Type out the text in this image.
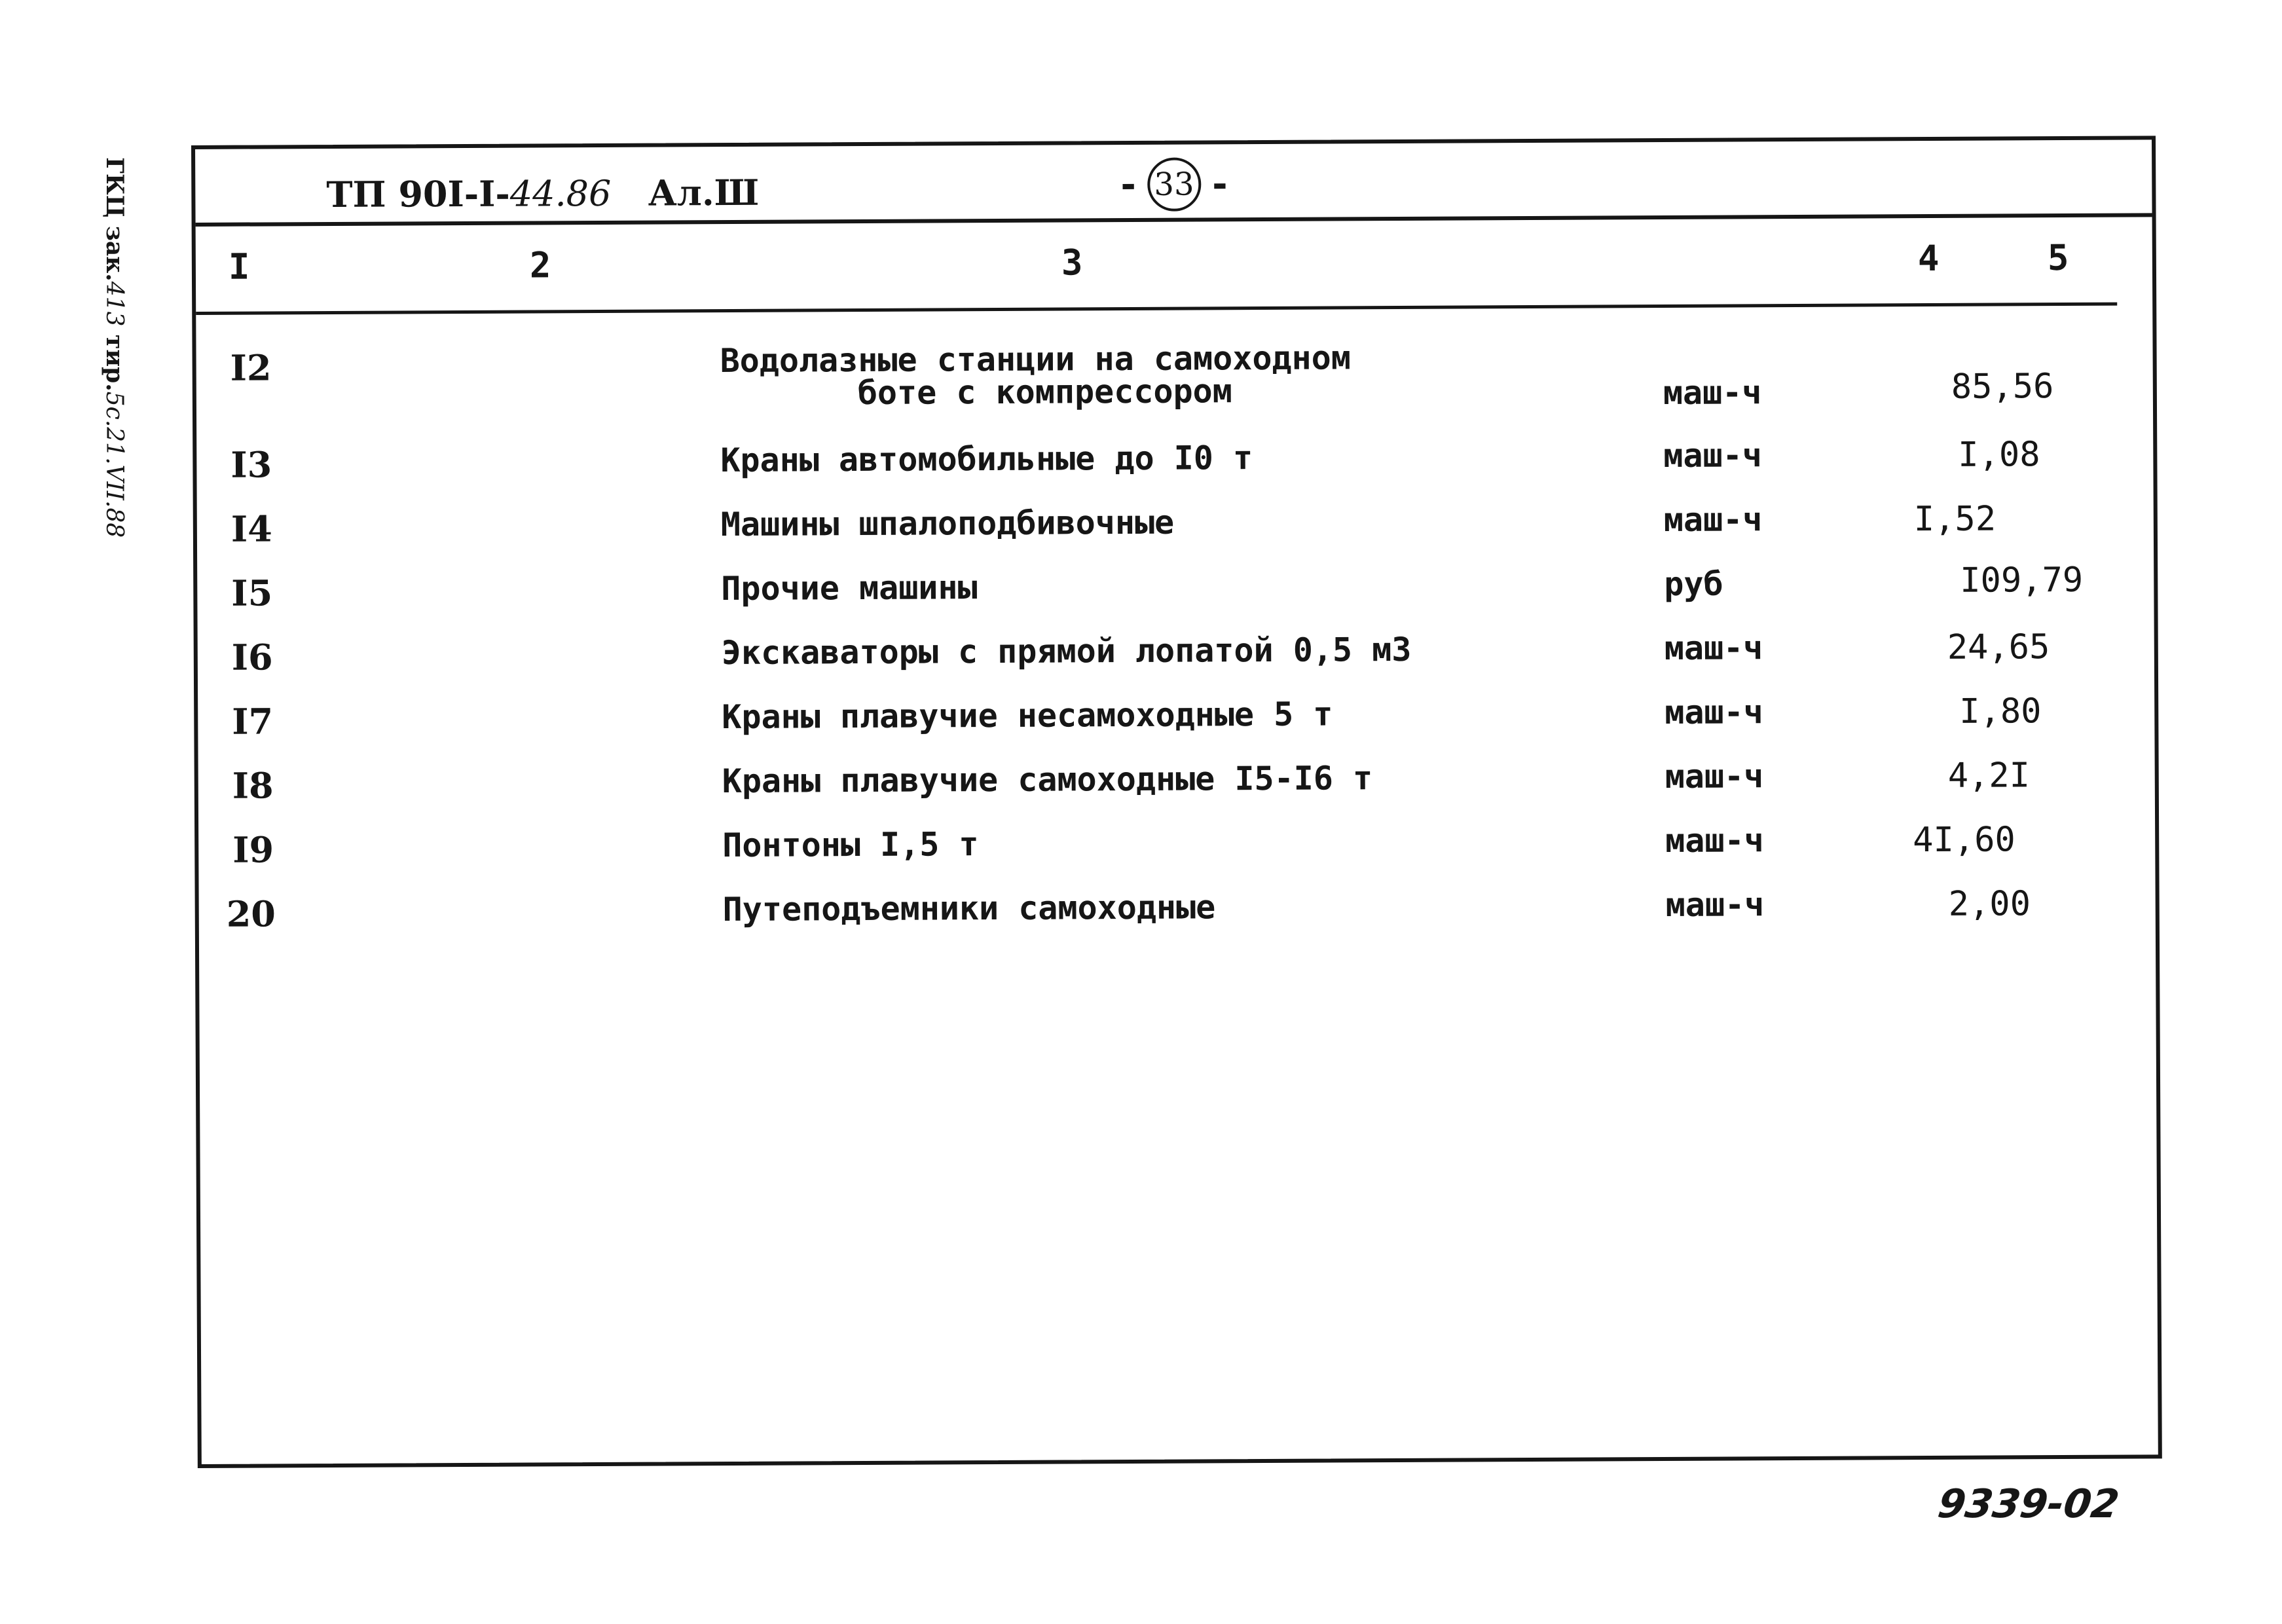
ГКЦ зак.413 тир.5с.21.VII.88
ТП 90I-I-44.86 Ал.Ш	- 33 -
I	2	3	4	5
I2	Водолазные станции на самоходном
боте с компрессором	маш-ч	85,56
I3	Краны автомобильные до I0 т	маш-ч	I,08
I4	Машины шпалоподбивочные	маш-ч	I,52
I5	Прочие машины	руб	I09,79
I6	Экскаваторы с прямой лопатой 0,5 м3	маш-ч	24,65
I7	Краны плавучие несамоходные 5 т	маш-ч	I,80
I8	Краны плавучие самоходные I5-I6 т	маш-ч	4,2I
I9	Понтоны I,5 т	маш-ч	4I,60
20	Путеподъемники самоходные	маш-ч	2,00
9339-02
